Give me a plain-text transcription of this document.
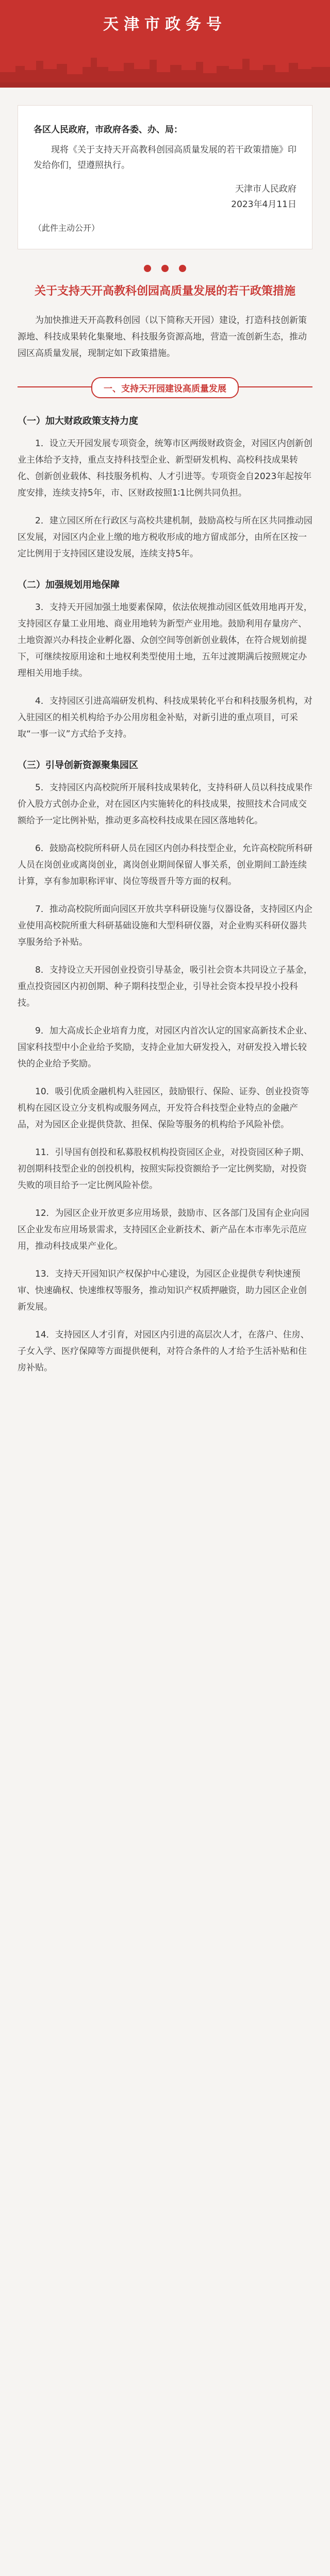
天津市政务号
各区人民政府，市政府各委、办、局：
现将《关于支持天开高教科创园高质量发展的若干政策措施》印发给你们，望遵照执行。
天津市人民政府
2023年4月11日
（此件主动公开）
关于支持天开高教科创园高质量发展的若干政策措施
为加快推进天开高教科创园（以下简称天开园）建设，打造科技创新策源地、科技成果转化集聚地、科技服务资源高地，营造一流创新生态，推动园区高质量发展，现制定如下政策措施。
一、支持天开园建设高质量发展
（一）加大财政政策支持力度
1．设立天开园发展专项资金，统筹市区两级财政资金，对园区内创新创业主体给予支持，重点支持科技型企业、新型研发机构、高校科技成果转化、创新创业载体、科技服务机构、人才引进等。专项资金自2023年起按年度安排，连续支持5年，市、区财政按照1∶1比例共同负担。
2．建立园区所在行政区与高校共建机制，鼓励高校与所在区共同推动园区发展，对园区内企业上缴的地方税收形成的地方留成部分，由所在区按一定比例用于支持园区建设发展，连续支持5年。
（二）加强规划用地保障
3．支持天开园加强土地要素保障，依法依规推动园区低效用地再开发，支持园区存量工业用地、商业用地转为新型产业用地。鼓励利用存量房产、土地资源兴办科技企业孵化器、众创空间等创新创业载体，在符合规划前提下，可继续按原用途和土地权利类型使用土地，五年过渡期满后按照规定办理相关用地手续。
4．支持园区引进高端研发机构、科技成果转化平台和科技服务机构，对入驻园区的相关机构给予办公用房租金补贴，对新引进的重点项目，可采取“一事一议”方式给予支持。
（三）引导创新资源聚集园区
5．支持园区内高校院所开展科技成果转化，支持科研人员以科技成果作价入股方式创办企业，对在园区内实施转化的科技成果，按照技术合同成交额给予一定比例补贴，推动更多高校科技成果在园区落地转化。
6．鼓励高校院所科研人员在园区内创办科技型企业，允许高校院所科研人员在岗创业或离岗创业，离岗创业期间保留人事关系，创业期间工龄连续计算，享有参加职称评审、岗位等级晋升等方面的权利。
7．推动高校院所面向园区开放共享科研设施与仪器设备，支持园区内企业使用高校院所重大科研基础设施和大型科研仪器，对企业购买科研仪器共享服务给予补贴。
8．支持设立天开园创业投资引导基金，吸引社会资本共同设立子基金，重点投资园区内初创期、种子期科技型企业，引导社会资本投早投小投科技。
9．加大高成长企业培育力度，对园区内首次认定的国家高新技术企业、国家科技型中小企业给予奖励，支持企业加大研发投入，对研发投入增长较快的企业给予奖励。
10．吸引优质金融机构入驻园区，鼓励银行、保险、证券、创业投资等机构在园区设立分支机构或服务网点，开发符合科技型企业特点的金融产品，对为园区企业提供贷款、担保、保险等服务的机构给予风险补偿。
11．引导国有创投和私募股权机构投资园区企业，对投资园区种子期、初创期科技型企业的创投机构，按照实际投资额给予一定比例奖励，对投资失败的项目给予一定比例风险补偿。
12．为园区企业开放更多应用场景，鼓励市、区各部门及国有企业向园区企业发布应用场景需求，支持园区企业新技术、新产品在本市率先示范应用，推动科技成果产业化。
13．支持天开园知识产权保护中心建设，为园区企业提供专利快速预审、快速确权、快速维权等服务，推动知识产权质押融资，助力园区企业创新发展。
14．支持园区人才引育，对园区内引进的高层次人才，在落户、住房、子女入学、医疗保障等方面提供便利，对符合条件的人才给予生活补贴和住房补贴。
